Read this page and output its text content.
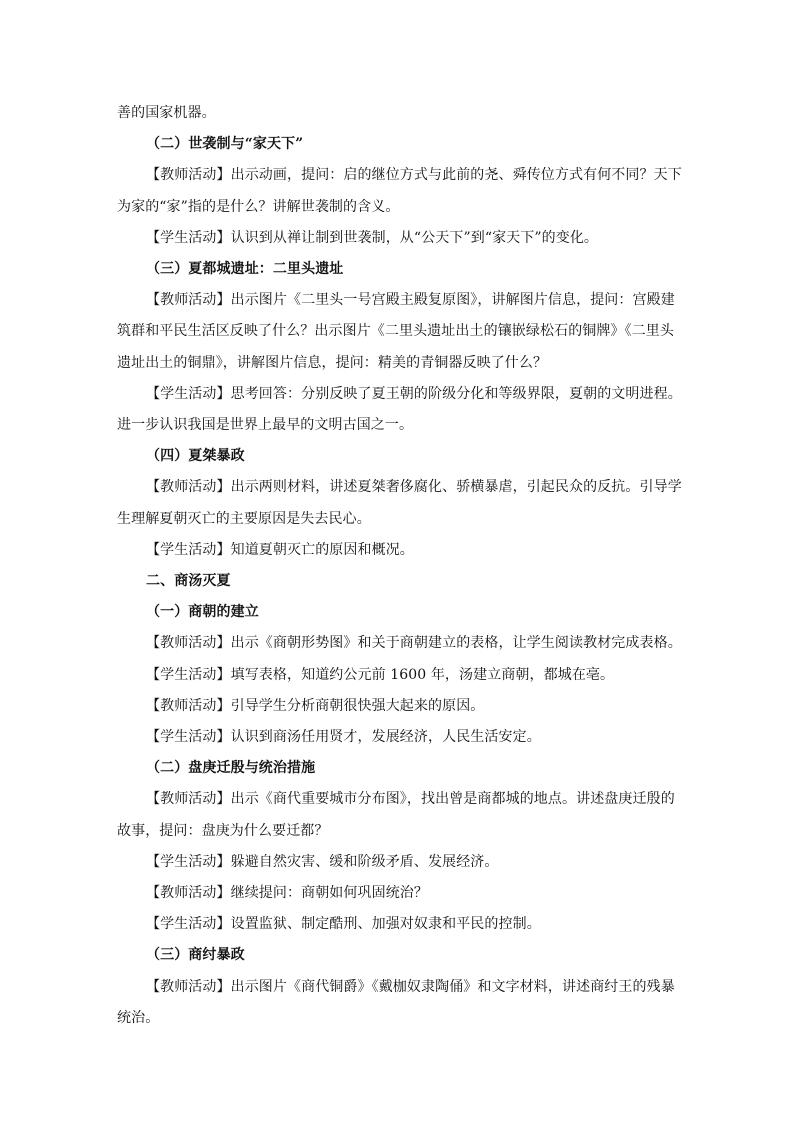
善的国家机器。
（二）世袭制与“家天下”
【教师活动】出示动画，提问：启的继位方式与此前的尧、舜传位方式有何不同？天下
为家的“家”指的是什么？讲解世袭制的含义。
【学生活动】认识到从禅让制到世袭制，从“公天下”到“家天下”的变化。
（三）夏都城遗址：二里头遗址
【教师活动】出示图片《二里头一号宫殿主殿复原图》，讲解图片信息，提问：宫殿建
筑群和平民生活区反映了什么？出示图片《二里头遗址出土的镶嵌绿松石的铜牌》《二里头
遗址出土的铜鼎》，讲解图片信息，提问：精美的青铜器反映了什么？
【学生活动】思考回答：分别反映了夏王朝的阶级分化和等级界限，夏朝的文明进程。
进一步认识我国是世界上最早的文明古国之一。
（四）夏桀暴政
【教师活动】出示两则材料，讲述夏桀奢侈腐化、骄横暴虐，引起民众的反抗。引导学
生理解夏朝灭亡的主要原因是失去民心。
【学生活动】知道夏朝灭亡的原因和概况。
二、商汤灭夏
（一）商朝的建立
【教师活动】出示《商朝形势图》和关于商朝建立的表格，让学生阅读教材完成表格。
【学生活动】填写表格，知道约公元前 1600 年，汤建立商朝，都城在亳。
【教师活动】引导学生分析商朝很快强大起来的原因。
【学生活动】认识到商汤任用贤才，发展经济，人民生活安定。
（二）盘庚迁殷与统治措施
【教师活动】出示《商代重要城市分布图》，找出曾是商都城的地点。讲述盘庚迁殷的
故事，提问：盘庚为什么要迁都？
【学生活动】躲避自然灾害、缓和阶级矛盾、发展经济。
【教师活动】继续提问：商朝如何巩固统治？
【学生活动】设置监狱、制定酷刑、加强对奴隶和平民的控制。
（三）商纣暴政
【教师活动】出示图片《商代铜爵》《戴枷奴隶陶俑》和文字材料，讲述商纣王的残暴
统治。
